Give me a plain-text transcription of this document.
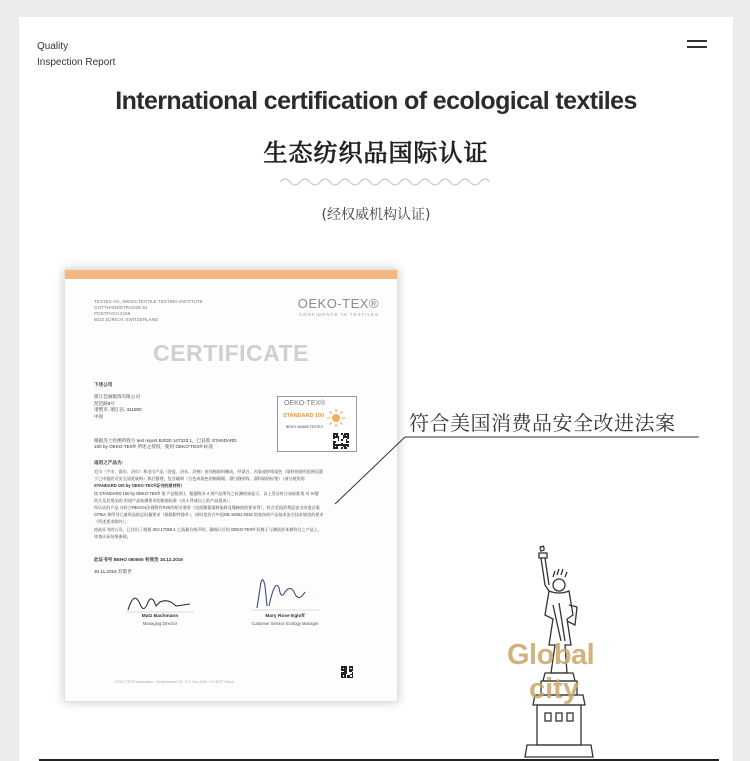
Quality
Inspection Report
International certification of ecological textiles
生态纺织品国际认证
(经权威机构认证)
TESTEX AG, SWISS TEXTILE TESTING INSTITUTE
GOTTHARDSTRASSE 61
POSTFACH 2166
8022 ZÜRICH, SWITZERLAND
OEKO-TEX®
CONFIDENCE IN TEXTILES
CERTIFICATE
下述公司
浙江佳丽服饰有限公司
琵琶路6号
诸暨市, 浙江省, 311800
中国
OEKO-TEX®
STANDARD 100
BEHO 060655 TESTEX
根据苏士检测所我方 test report BJ020 147323.1，已获准 STANDARD
100 by OEKO-TEX® 所述之授权，使用 OEKO-TEX® 标签
适用之产品为：
毛巾（手巾、面巾、浴巾）和毛巾产品（浴盆、浴衣、浴袍）由纯棉原料制成，经漂白、匹染或纱线染色（染料的使用范围仅限
于已申报的可安全清洗染料）和后整理，包含辅料（合色成染色的棉绳绳、漂白缝纫线、漂和染的标签）（部分使用再
STANDARD 100 by OEKO-TEX®证书的原材料）
按 STANDARD 100 by OEKO-TEX® 第 产品级别 I，根据附录 4 供产品所作之检测结果显示，以上发证符合该标准第 对 IV婴
幼儿及其用品的 用途产品检测要求的限值标准（由 1 件或以上的产品组成）。
经认证的产品 亦符合REACH法规附件XVII的相关要求（包括偶氮染料染料及镍释放的要求等），符合美国消费品安全改进法案
CPSIA 和所列儿童用品的总铅量要求（排除附件除外），同时也符合中国GB 18401-2010 国家纺织产品基本安全技术规范的要求
（所述要求除外）。
持此证书的公司，已作出了根据 ISO 17050-1 之质量合格声明，确保只应用 OEKO-TEX® 标签于与测试样本相符合之产品上，
审查认证结果参阅。
此证书号 BEHO 060655 有效至 15.12.2019
30.11.2018 苏黎世
Matz Bachmann
Managing Director
Mary Rose Egloff
Customer Service Ecology Manager
OEKO-TEX® Association · Genferstrasse 23 · P.O. Box 2006 · CH-8027 Zürich
符合美国消费品安全改进法案
Global
city
